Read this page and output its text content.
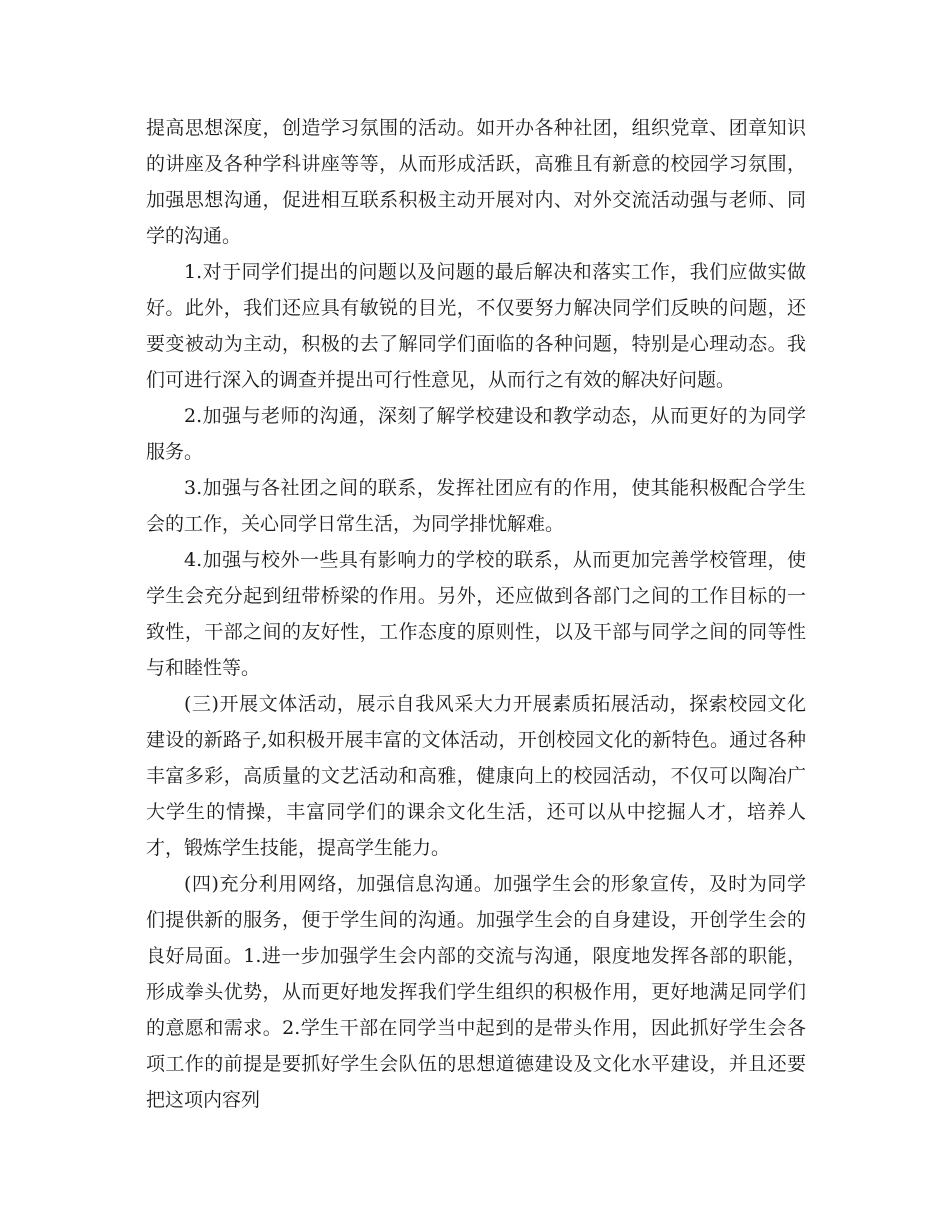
提高思想深度，创造学习氛围的活动。如开办各种社团，组织党章、团章知识的讲座及各种学科讲座等等，从而形成活跃，高雅且有新意的校园学习氛围，加强思想沟通，促进相互联系积极主动开展对内、对外交流活动强与老师、同学的沟通。

1.对于同学们提出的问题以及问题的最后解决和落实工作，我们应做实做好。此外，我们还应具有敏锐的目光，不仅要努力解决同学们反映的问题，还要变被动为主动，积极的去了解同学们面临的各种问题，特别是心理动态。我们可进行深入的调查并提出可行性意见，从而行之有效的解决好问题。

2.加强与老师的沟通，深刻了解学校建设和教学动态，从而更好的为同学服务。

3.加强与各社团之间的联系，发挥社团应有的作用，使其能积极配合学生会的工作，关心同学日常生活，为同学排忧解难。

4.加强与校外一些具有影响力的学校的联系，从而更加完善学校管理，使学生会充分起到纽带桥梁的作用。另外，还应做到各部门之间的工作目标的一致性，干部之间的友好性，工作态度的原则性，以及干部与同学之间的同等性与和睦性等。

(三)开展文体活动，展示自我风采大力开展素质拓展活动，探索校园文化建设的新路子,如积极开展丰富的文体活动，开创校园文化的新特色。通过各种丰富多彩，高质量的文艺活动和高雅，健康向上的校园活动，不仅可以陶冶广大学生的情操，丰富同学们的课余文化生活，还可以从中挖掘人才，培养人才，锻炼学生技能，提高学生能力。

(四)充分利用网络，加强信息沟通。加强学生会的形象宣传，及时为同学们提供新的服务，便于学生间的沟通。加强学生会的自身建设，开创学生会的良好局面。1.进一步加强学生会内部的交流与沟通，限度地发挥各部的职能，形成拳头优势，从而更好地发挥我们学生组织的积极作用，更好地满足同学们的意愿和需求。2.学生干部在同学当中起到的是带头作用，因此抓好学生会各项工作的前提是要抓好学生会队伍的思想道德建设及文化水平建设，并且还要把这项内容列
